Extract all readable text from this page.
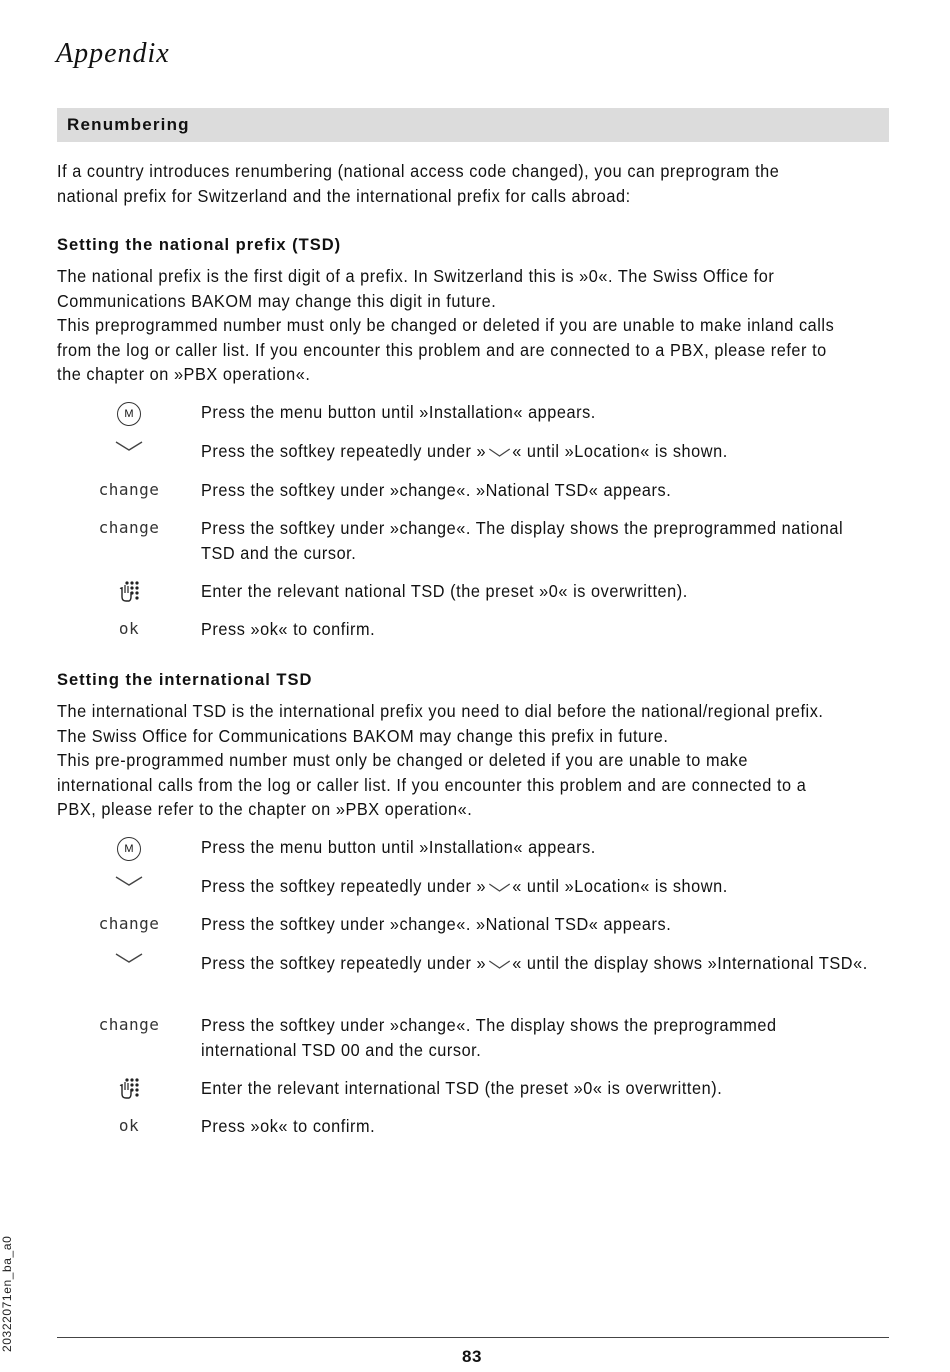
Appendix
Renumbering
If a country introduces renumbering (national access code changed), you can preprogram the national prefix for Switzerland and the international prefix for calls abroad:
Setting the national prefix (TSD)
The national prefix is the first digit of a prefix. In Switzerland this is »0«. The Swiss Office for Communications BAKOM may change this digit in future.
This preprogrammed number must only be changed or deleted if you are unable to make inland calls from the log or caller list. If you encounter this problem and are connected to a PBX, please refer to the chapter on »PBX operation«.
M	Press the menu button until »Installation« appears.
Press the softkey repeatedly under » « until »Location« is shown.
change Press the softkey under »change«. »National TSD« appears.
change Press the softkey under »change«. The display shows the preprogrammed national TSD and the cursor.
Enter the relevant national TSD (the preset »0« is overwritten).
ok	Press »ok« to confirm.
Setting the international TSD
The international TSD is the international prefix you need to dial before the national/regional prefix. The Swiss Office for Communications BAKOM may change this prefix in future.
This pre-programmed number must only be changed or deleted if you are unable to make international calls from the log or caller list. If you encounter this problem and are connected to a PBX, please refer to the chapter on »PBX operation«.
M	Press the menu button until »Installation« appears.
Press the softkey repeatedly under » « until »Location« is shown.
change Press the softkey under »change«. »National TSD« appears.
Press the softkey repeatedly under » « until the display shows »International TSD«.
change Press the softkey under »change«. The display shows the preprogrammed international TSD 00 and the cursor.
Enter the relevant international TSD (the preset »0« is overwritten).
ok	Press »ok« to confirm.
20322071en_ba_a0
83
